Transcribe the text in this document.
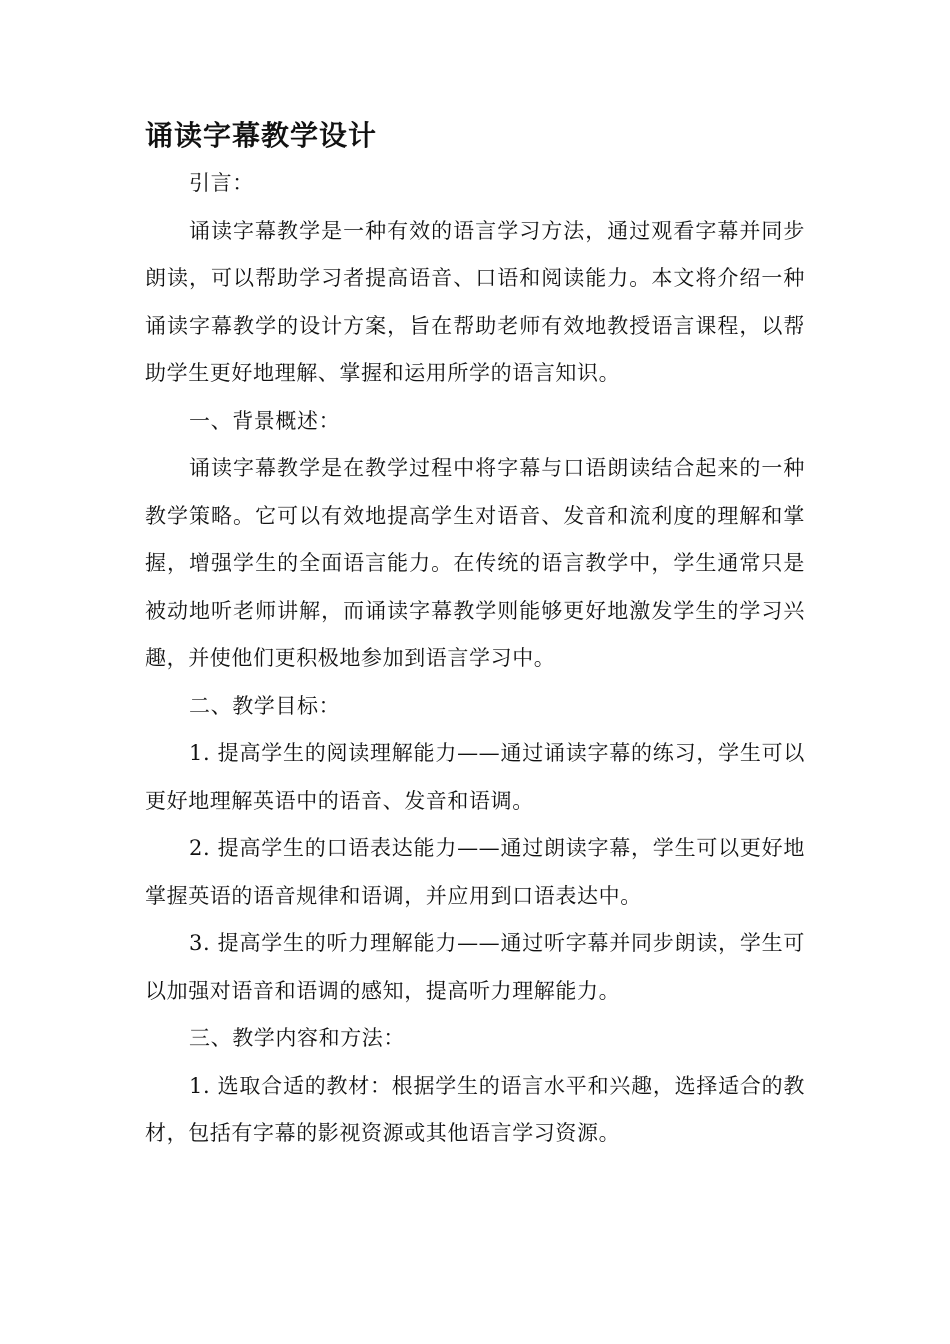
诵读字幕教学设计

引言：

诵读字幕教学是一种有效的语言学习方法，通过观看字幕并同步朗读，可以帮助学习者提高语音、口语和阅读能力。本文将介绍一种诵读字幕教学的设计方案，旨在帮助老师有效地教授语言课程，以帮助学生更好地理解、掌握和运用所学的语言知识。

一、背景概述：

诵读字幕教学是在教学过程中将字幕与口语朗读结合起来的一种教学策略。它可以有效地提高学生对语音、发音和流利度的理解和掌握，增强学生的全面语言能力。在传统的语言教学中，学生通常只是被动地听老师讲解，而诵读字幕教学则能够更好地激发学生的学习兴趣，并使他们更积极地参加到语言学习中。

二、教学目标：

1. 提高学生的阅读理解能力——通过诵读字幕的练习，学生可以更好地理解英语中的语音、发音和语调。

2. 提高学生的口语表达能力——通过朗读字幕，学生可以更好地掌握英语的语音规律和语调，并应用到口语表达中。

3. 提高学生的听力理解能力——通过听字幕并同步朗读，学生可以加强对语音和语调的感知，提高听力理解能力。

三、教学内容和方法：

1. 选取合适的教材：根据学生的语言水平和兴趣，选择适合的教材，包括有字幕的影视资源或其他语言学习资源。
